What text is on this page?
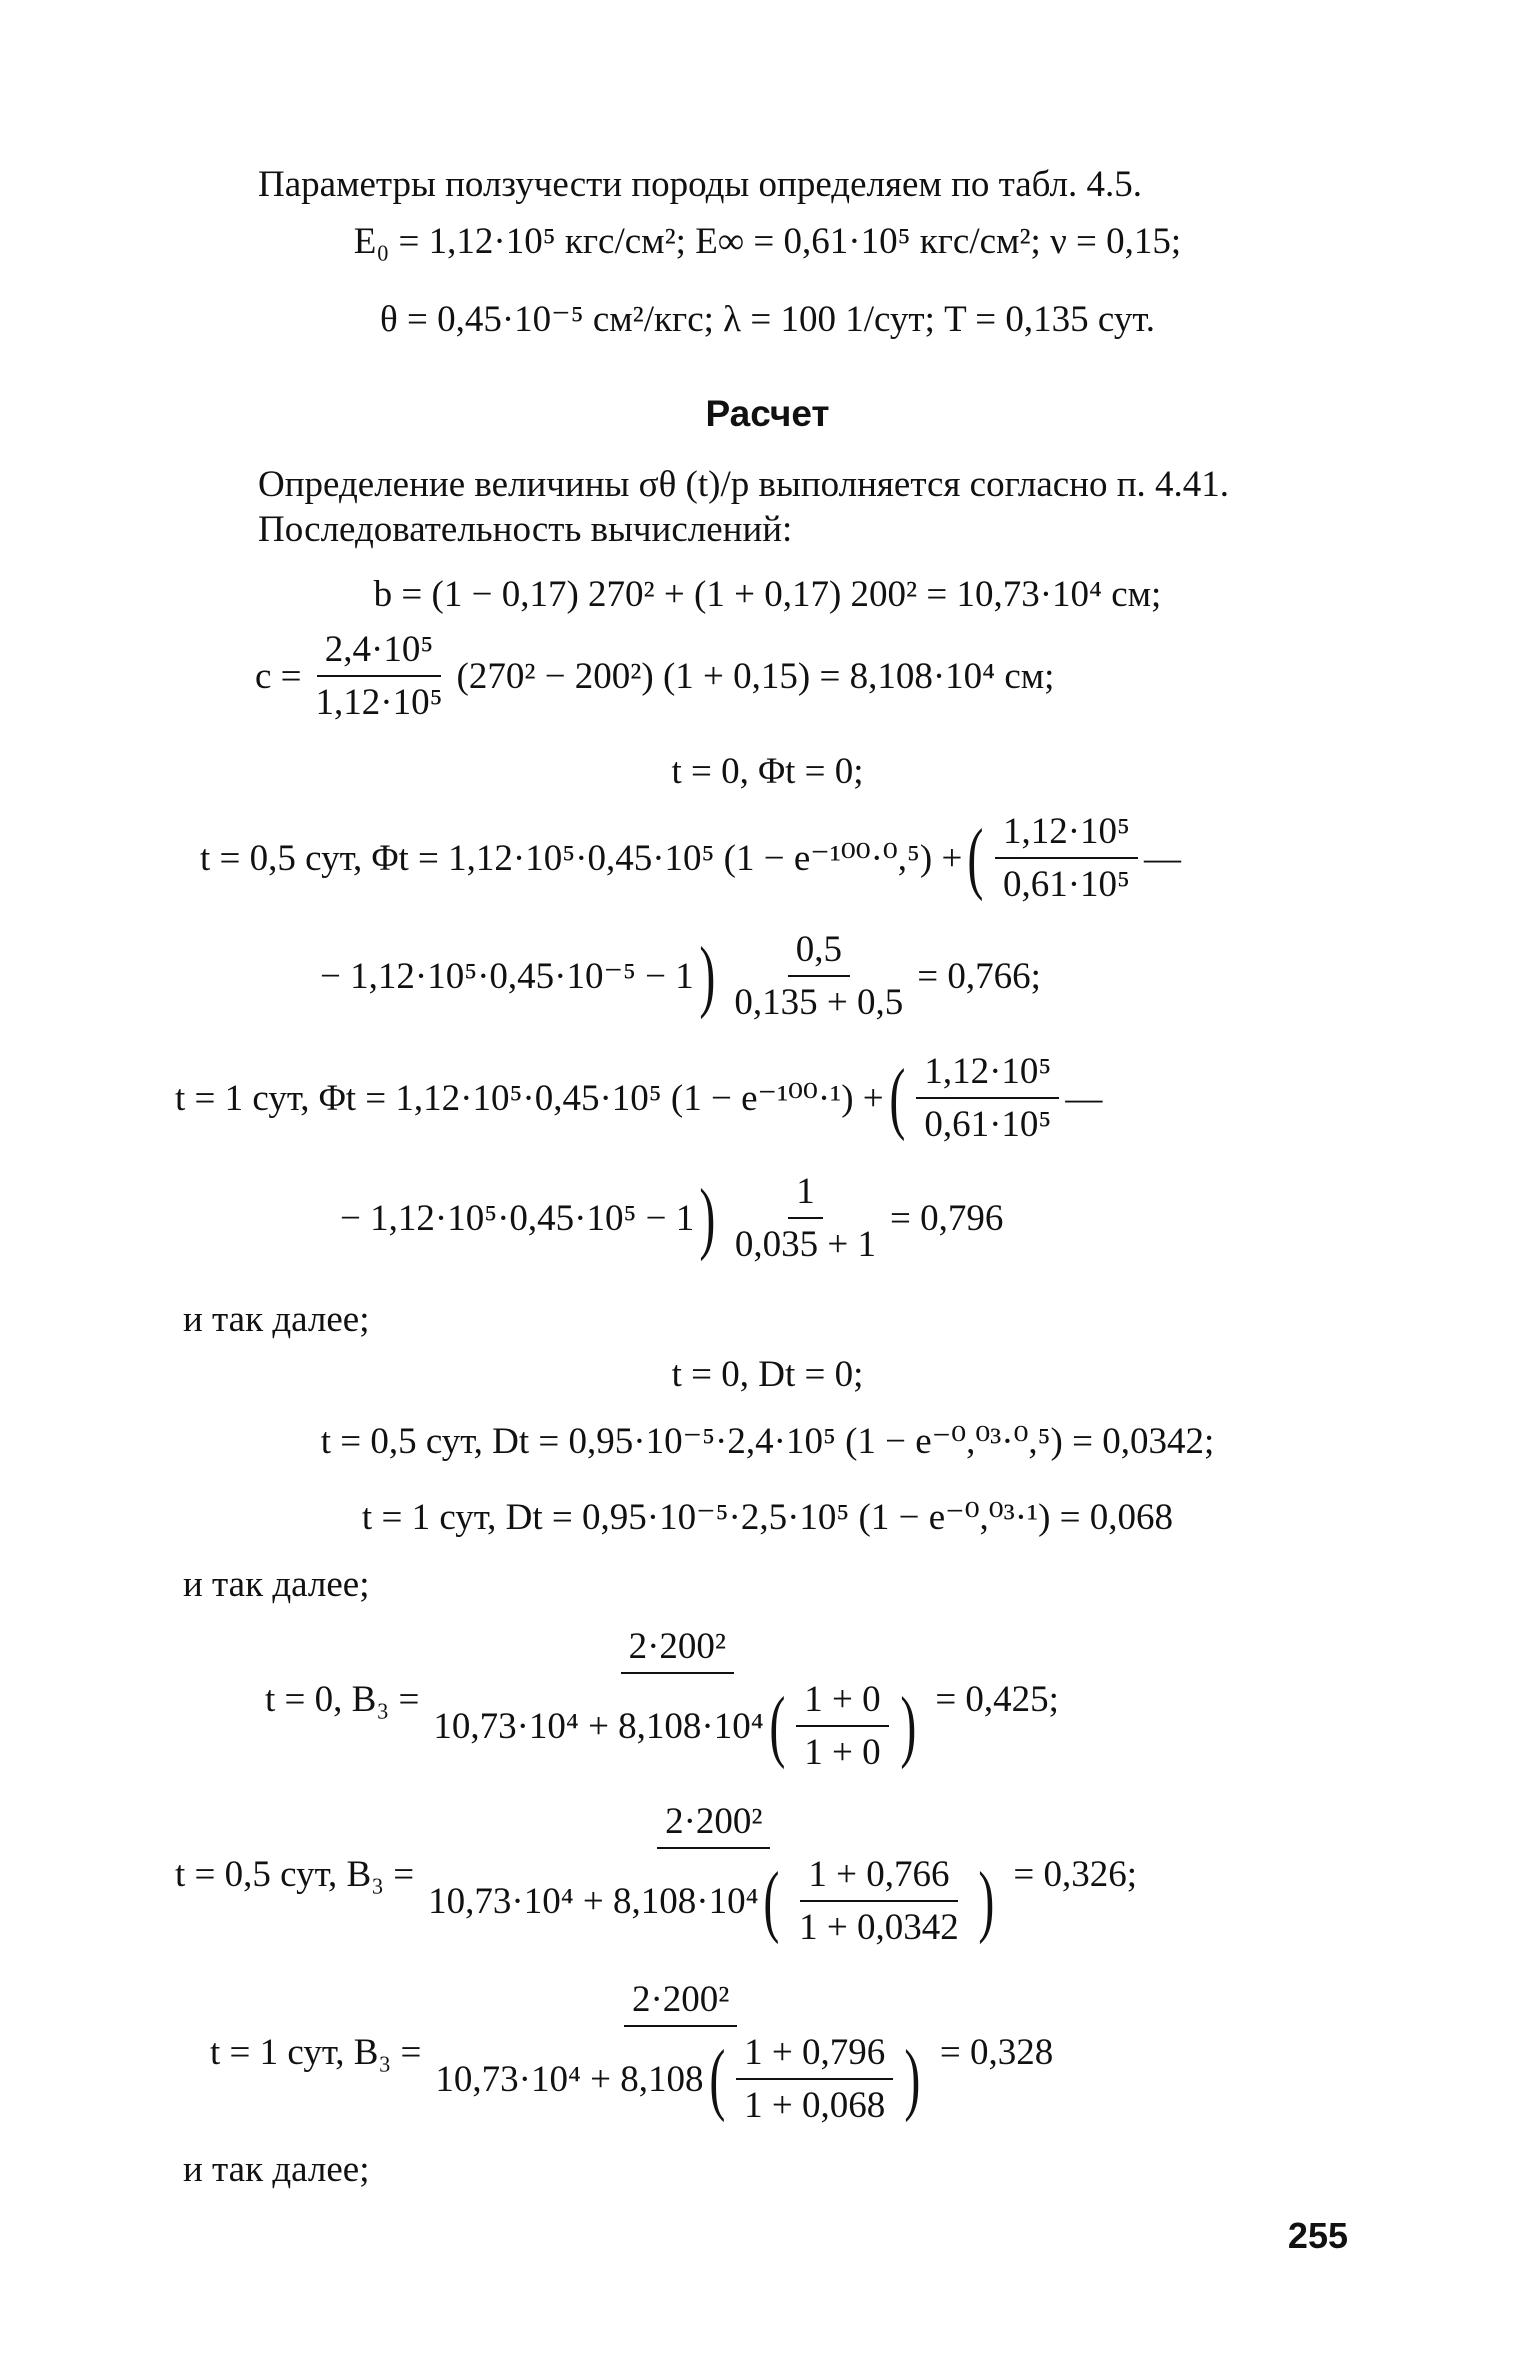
Параметры ползучести породы определяем по табл. 4.5.
E₀ = 1,12·10⁵ кгс/см²; E∞ = 0,61·10⁵ кгс/см²; ν = 0,15;
θ = 0,45·10⁻⁵ см²/кгс; λ = 100 1/сут; T = 0,135 сут.
Расчет
Определение величины σθ (t)/p выполняется согласно п. 4.41.
Последовательность вычислений:
b = (1 − 0,17) 270² + (1 + 0,17) 200² = 10,73·10⁴ см;
$c = \frac{\text{2,4·10⁵}}{\text{1,12·10⁵}} (270^2 - 200^2) (1 + 0,15) = 8,108\cdot 10^4$ см;
t = 0, Φt = 0;
t = 0,5 сут, Φt = 1,12·10⁵·0,45·10⁵ (1 − e⁻¹⁰⁰·⁰,⁵) + ( $\frac{\text{1,12·10⁵}}{\text{0,61·10⁵}}$ —
− 1,12·10⁵·0,45·10⁻⁵ − 1 ) $\frac{0,5}{0,135 + 0,5} = 0,766$;
t = 1 сут, Φt = 1,12·10⁵·0,45·10⁵ (1 − e⁻¹⁰⁰·¹) + ( $\frac{\text{1,12·10⁵}}{\text{0,61·10⁵}}$ —
− 1,12·10⁵·0,45·10⁵ − 1 ) $\frac{1}{0,035 + 1} = 0,796$
и так далее;
t = 0, Dt = 0;
t = 0,5 сут, Dt = 0,95·10⁻⁵·2,4·10⁵ (1 − e⁻⁰,⁰³·⁰,⁵) = 0,0342;
t = 1 сут, Dt = 0,95·10⁻⁵·2,5·10⁵ (1 − e⁻⁰,⁰³·¹) = 0,068
и так далее;
t = 0, B₃ =
2·200²
10,73·10⁴ + 8,108·10⁴ ( $\frac{1 + 0}{1 + 0}$ ) = 0,425;
t = 0,5 сут, B₃ =
2·200²
10,73·10⁴ + 8,108·10⁴ ( $\frac{1 + 0,766}{1 + 0,0342}$ ) = 0,326;
t = 1 сут, B₃ =
2·200²
10,73·10⁴ + 8,108 ( $\frac{1 + 0,796}{1 + 0,068}$ ) = 0,328
и так далее;
255
